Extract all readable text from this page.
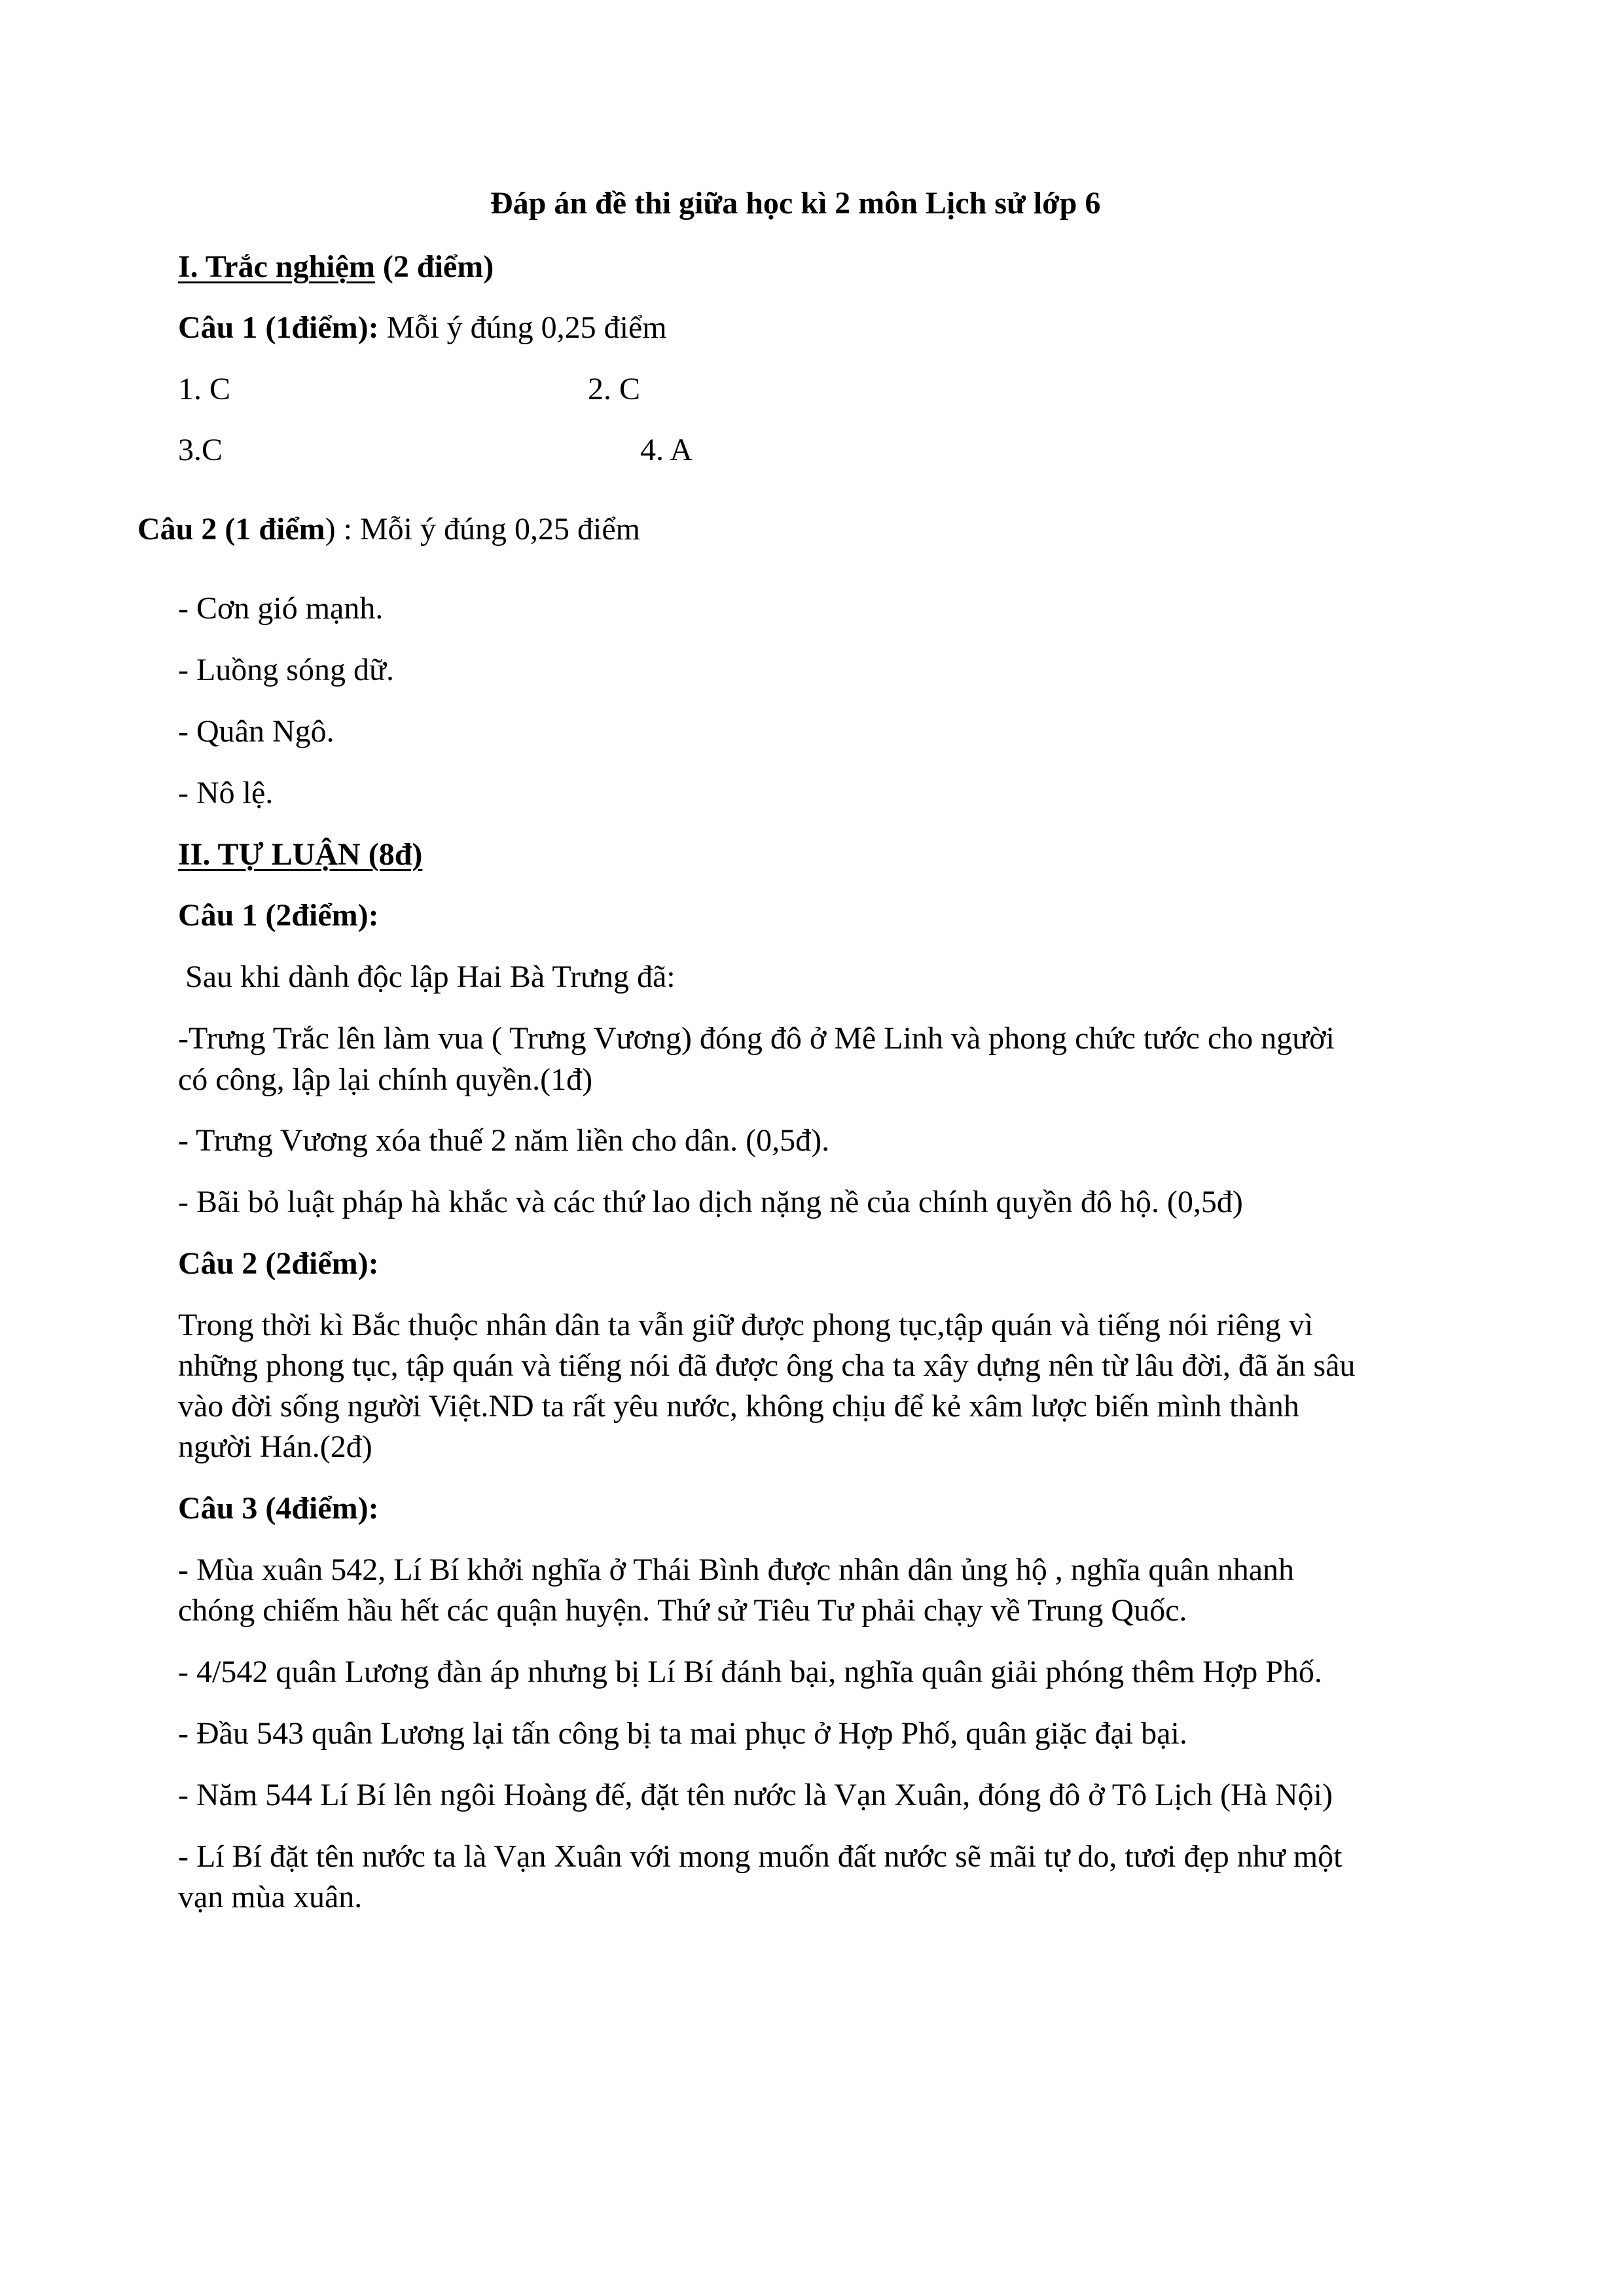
Đáp án đề thi giữa học kì 2 môn Lịch sử lớp 6

I. Trắc nghiệm (2 điểm)

Câu 1 (1điểm): Mỗi ý đúng 0,25 điểm

1. C	2. C

3.C	4. A

Câu 2 (1 điểm) : Mỗi ý đúng 0,25 điểm

- Cơn gió mạnh.

- Luồng sóng dữ.

- Quân Ngô.

- Nô lệ.

II. TỰ LUẬN (8đ)

Câu 1 (2điểm):

Sau khi dành độc lập Hai Bà Trưng đã:

-Trưng Trắc lên làm vua ( Trưng Vương) đóng đô ở Mê Linh và phong chức tước cho người

có công, lập lại chính quyền.(1đ)

- Trưng Vương xóa thuế 2 năm liền cho dân. (0,5đ).

- Bãi bỏ luật pháp hà khắc và các thứ lao dịch nặng nề của chính quyền đô hộ. (0,5đ)

Câu 2 (2điểm):

Trong thời kì Bắc thuộc nhân dân ta vẫn giữ được phong tục,tập quán và tiếng nói riêng vì

những phong tục, tập quán và tiếng nói đã được ông cha ta xây dựng nên từ lâu đời, đã ăn sâu

vào đời sống người Việt.ND ta rất yêu nước, không chịu để kẻ xâm lược biến mình thành

người Hán.(2đ)

Câu 3 (4điểm):

- Mùa xuân 542, Lí Bí khởi nghĩa ở Thái Bình được nhân dân ủng hộ , nghĩa quân nhanh

chóng chiếm hầu hết các quận huyện. Thứ sử Tiêu Tư phải chạy về Trung Quốc.

- 4/542 quân Lương đàn áp nhưng bị Lí Bí đánh bại, nghĩa quân giải phóng thêm Hợp Phố.

- Đầu 543 quân Lương lại tấn công bị ta mai phục ở Hợp Phố, quân giặc đại bại.

- Năm 544 Lí Bí lên ngôi Hoàng đế, đặt tên nước là Vạn Xuân, đóng đô ở Tô Lịch (Hà Nội)

- Lí Bí đặt tên nước ta là Vạn Xuân với mong muốn đất nước sẽ mãi tự do, tươi đẹp như một

vạn mùa xuân.
